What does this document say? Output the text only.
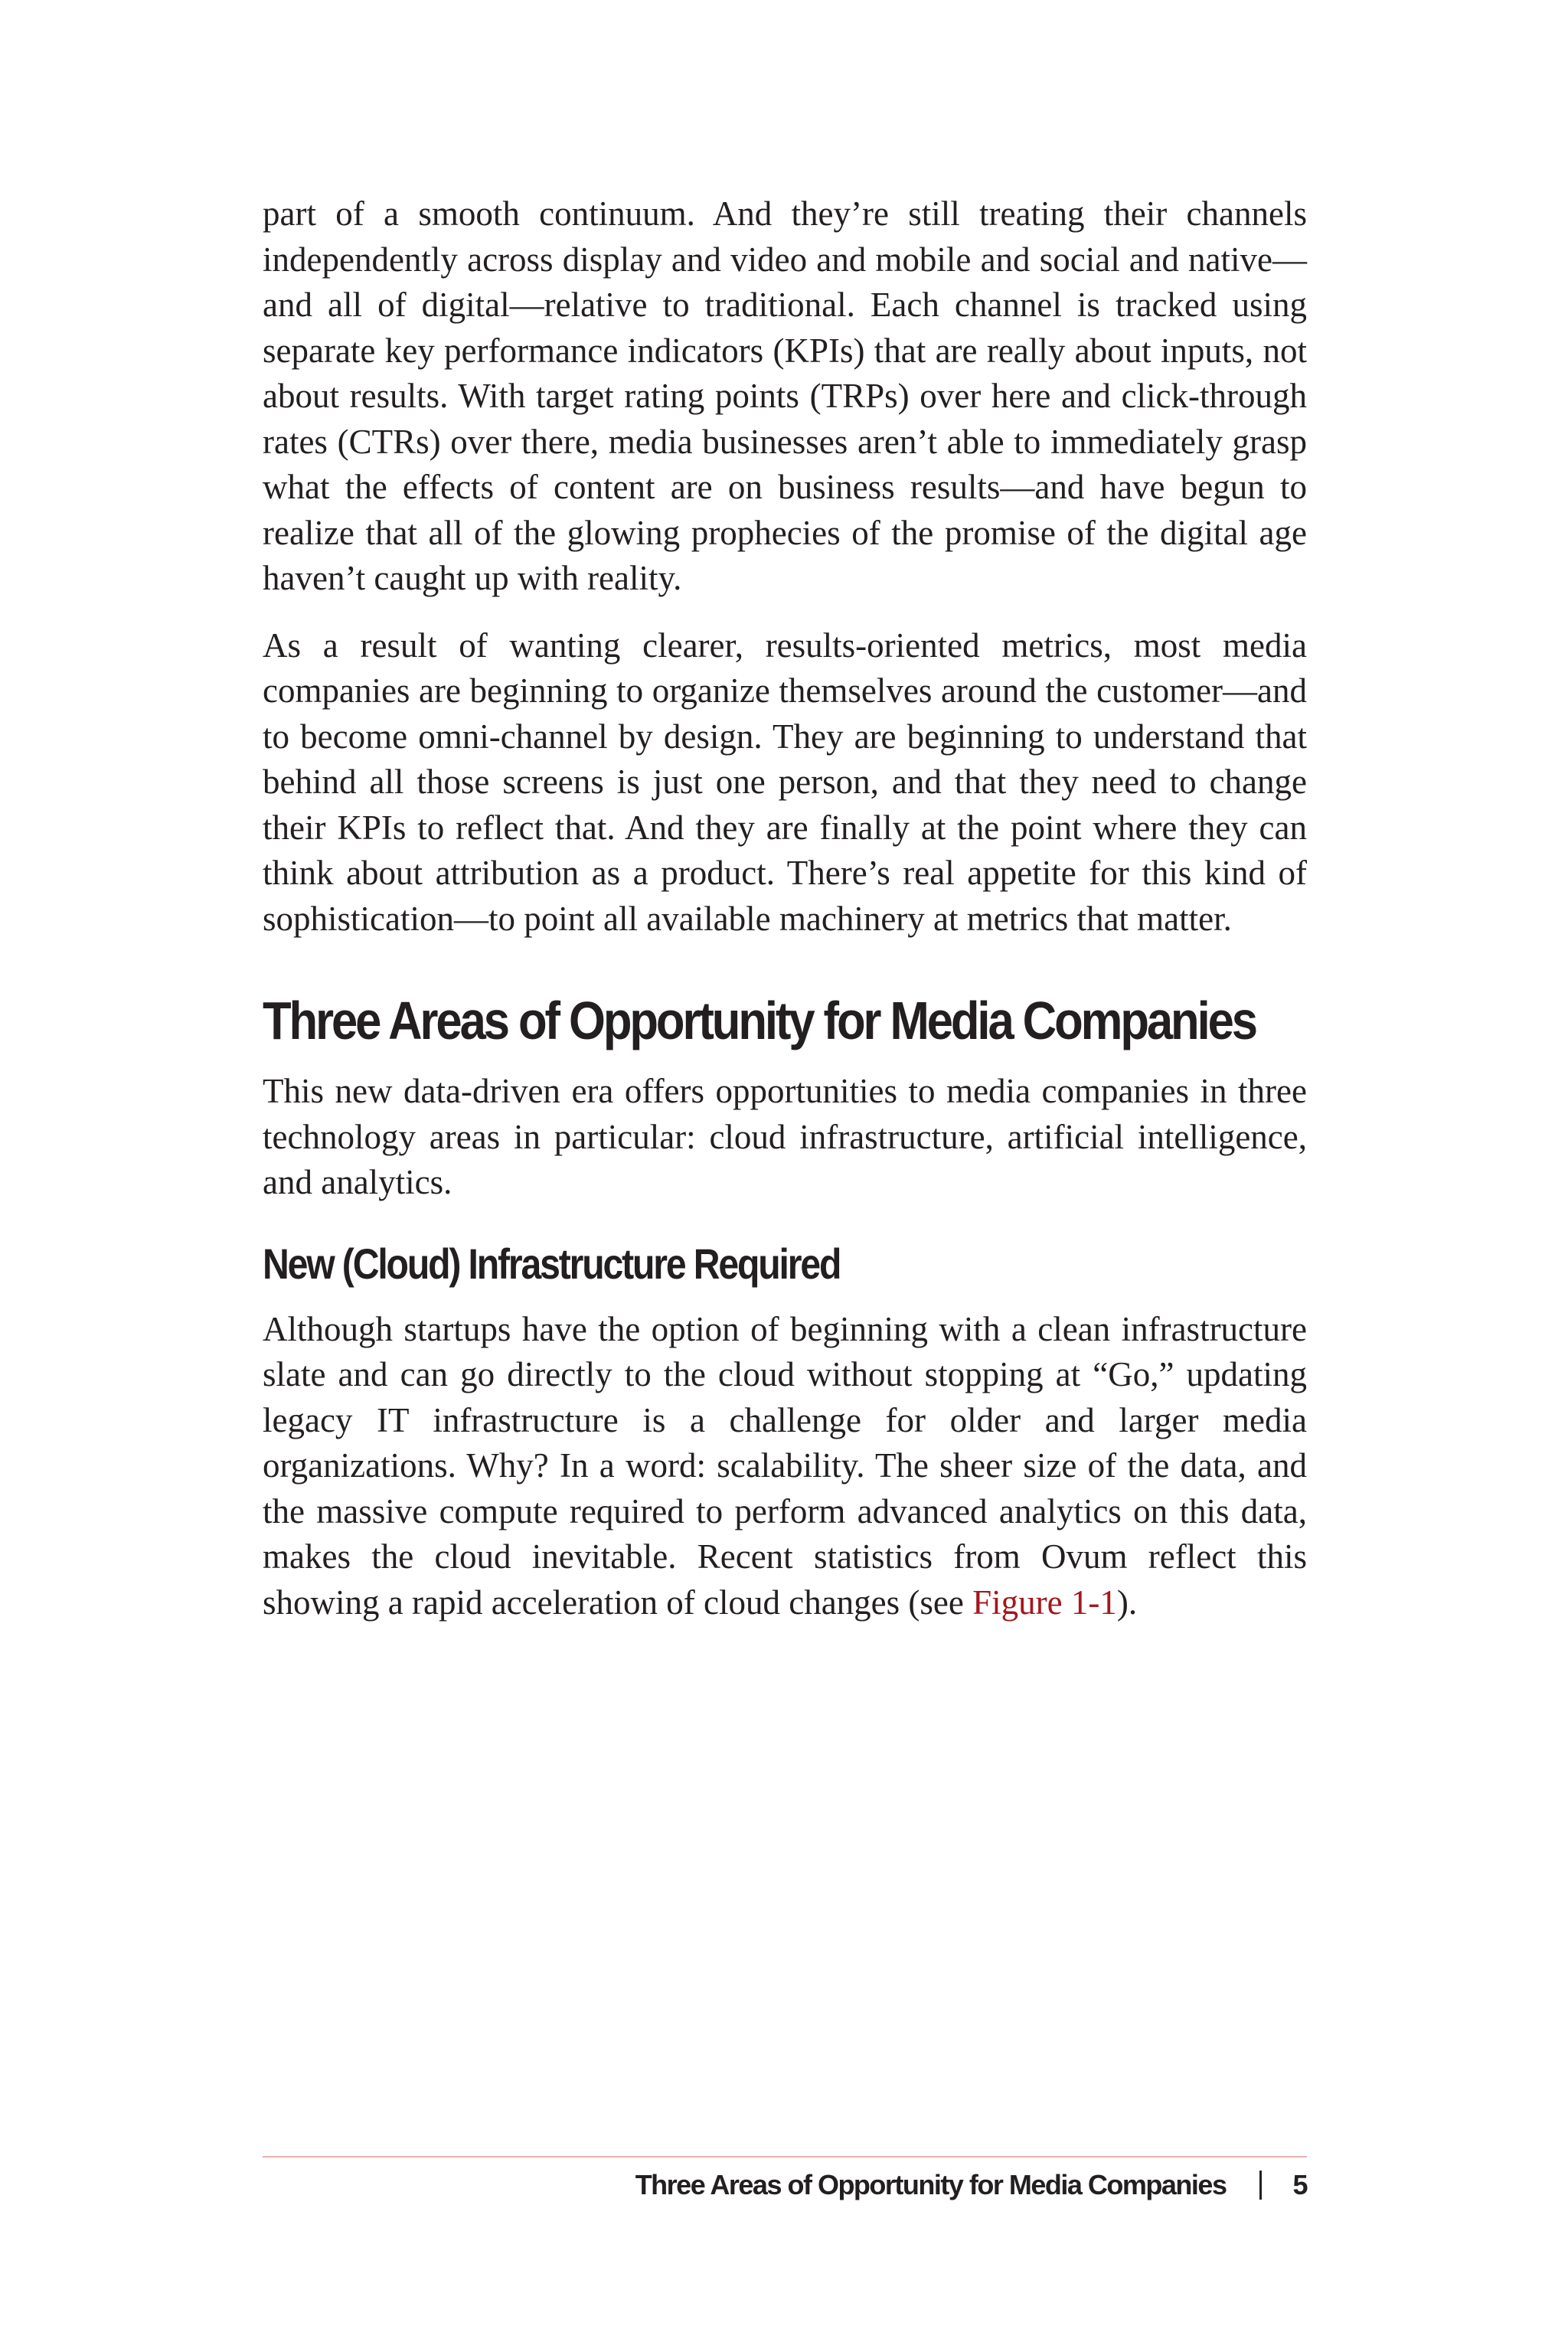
part of a smooth continuum. And they’re still treating their channels independently across display and video and mobile and social and native—and all of digital—relative to traditional. Each channel is tracked using separate key performance indicators (KPIs) that are really about inputs, not about results. With target rating points (TRPs) over here and click-through rates (CTRs) over there, media businesses aren’t able to immediately grasp what the effects of content are on business results—and have begun to realize that all of the glowing prophecies of the promise of the digital age haven’t caught up with reality.

As a result of wanting clearer, results-oriented metrics, most media companies are beginning to organize themselves around the customer—and to become omni-channel by design. They are beginning to understand that behind all those screens is just one person, and that they need to change their KPIs to reflect that. And they are finally at the point where they can think about attribution as a product. There’s real appetite for this kind of sophistication—to point all available machinery at metrics that matter.

Three Areas of Opportunity for Media Companies

This new data-driven era offers opportunities to media companies in three technology areas in particular: cloud infrastructure, artificial intelligence, and analytics.

New (Cloud) Infrastructure Required

Although startups have the option of beginning with a clean infrastructure slate and can go directly to the cloud without stopping at “Go,” updating legacy IT infrastructure is a challenge for older and larger media organizations. Why? In a word: scalability. The sheer size of the data, and the massive compute required to perform advanced analytics on this data, makes the cloud inevitable. Recent statistics from Ovum reflect this showing a rapid acceleration of cloud changes (see Figure 1-1).

Three Areas of Opportunity for Media Companies 5
